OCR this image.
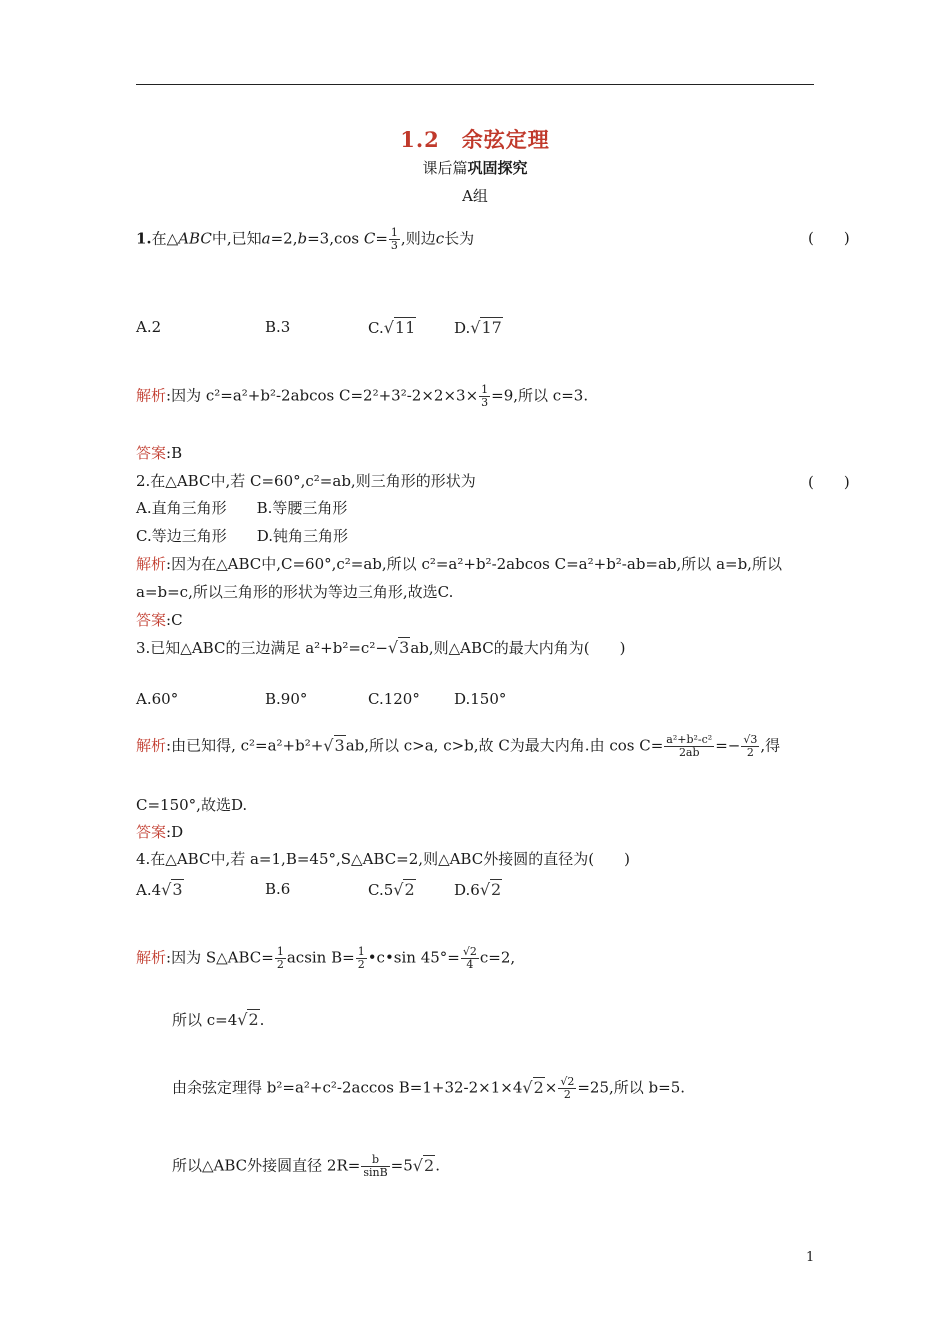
1.2　余弦定理
课后篇巩固探究
A组
1.在△ABC中,已知a=2,b=3,cos $C= \frac{1}{3}$ ,则边c长为	(　　)
A.2	B.3	C.√11	D.√17
解析:因为 c²=a²+b²-2abcos $C=2^2+3^2-2\times 2\times 3\times \frac{1}{3} =9$,所以 c=3.
答案:B
2.在△ABC中,若 C=60°,c²=ab,则三角形的形状为	(　　)
A.直角三角形　　B.等腰三角形
C.等边三角形　　D.钝角三角形
解析:因为在△ABC中,C=60°,c²=ab,所以 c²=a²+b²-2abcos C=a²+b²-ab=ab,所以 a=b,所以
a=b=c,所以三角形的形状为等边三角形,故选C.
答案:C
3.已知△ABC的三边满足 a²+b²=c²−√3ab,则△ABC的最大内角为(　　)
A.60°	B.90°	C.120° D.150°
解析:由已知得, c²=a²+b²+√3ab,所以 c>a, c>b,故 C为最大内角.由 $\cos C= \frac{\text{a²+b²-c²}}{2ab} =- \frac{√3}{2}$ ,得
C=150°,故选D.
答案:D
4.在△ABC中,若 a=1,B=45°,S△ABC=2,则△ABC外接圆的直径为(　　)
A.4√3	B.6	C.5√2	D.6√2
解析:因为 S△ABC= $\frac{1}{2}$ acsin $B= \frac{1}{2}$ •c•sin $45^\circ= \frac{√2}{4} c=2$,
所以 c=4√2.
由余弦定理得 b²=a²+c²-2accos $B=1+32-2\times 1\times 4√2\times \frac{√2}{2} =25$,所以 b=5.
所以△ABC外接圆直径 $2R= \frac{b}{\sin B} =5√2$.
1
